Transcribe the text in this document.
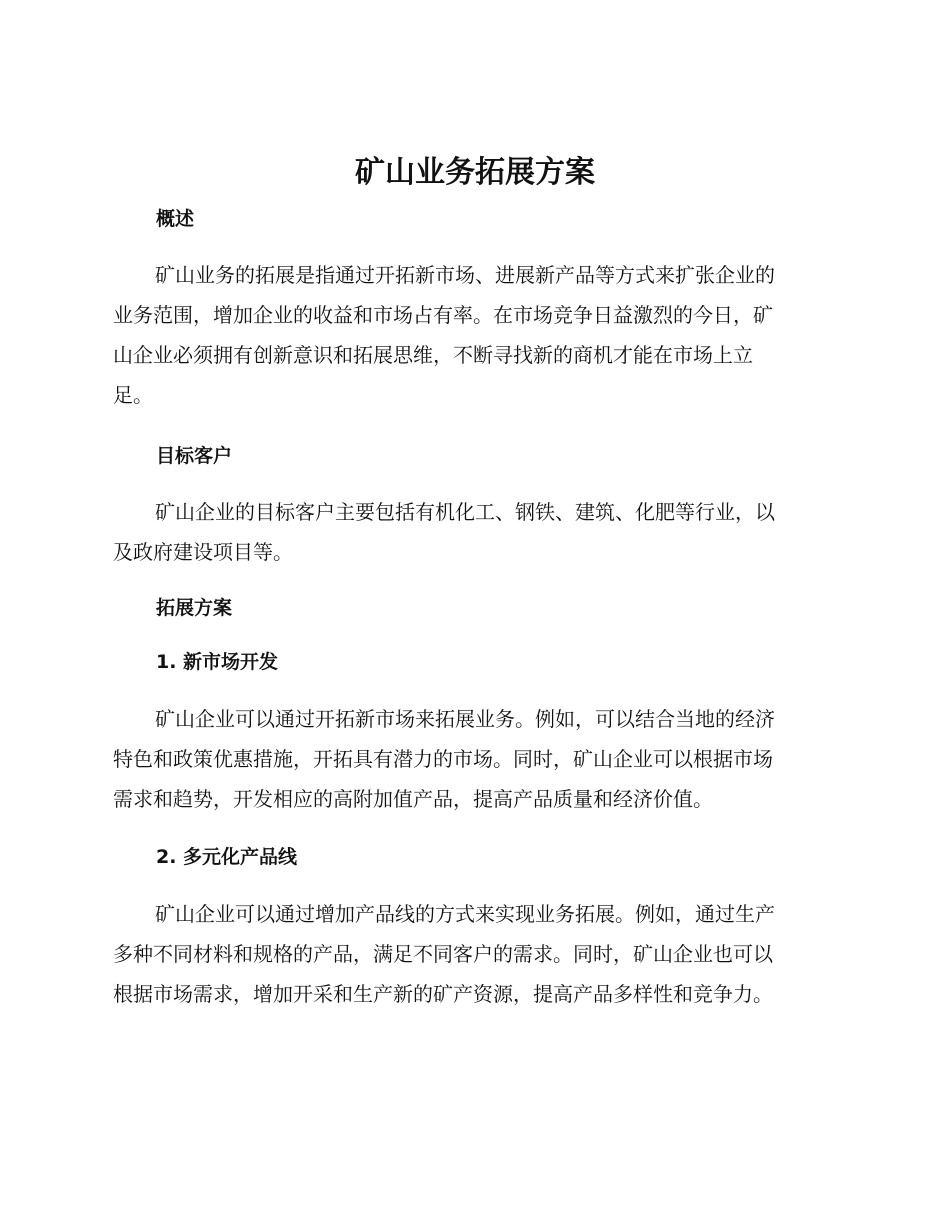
矿山业务拓展方案
概述

矿山业务的拓展是指通过开拓新市场、进展新产品等方式来扩张企业的
业务范围，增加企业的收益和市场占有率。在市场竞争日益激烈的今日，矿
山企业必须拥有创新意识和拓展思维，不断寻找新的商机才能在市场上立
足。

目标客户

矿山企业的目标客户主要包括有机化工、钢铁、建筑、化肥等行业，以
及政府建设项目等。

拓展方案
1. 新市场开发

矿山企业可以通过开拓新市场来拓展业务。例如，可以结合当地的经济
特色和政策优惠措施，开拓具有潜力的市场。同时，矿山企业可以根据市场
需求和趋势，开发相应的高附加值产品，提高产品质量和经济价值。

2. 多元化产品线

矿山企业可以通过增加产品线的方式来实现业务拓展。例如，通过生产
多种不同材料和规格的产品，满足不同客户的需求。同时，矿山企业也可以
根据市场需求，增加开采和生产新的矿产资源，提高产品多样性和竞争力。
